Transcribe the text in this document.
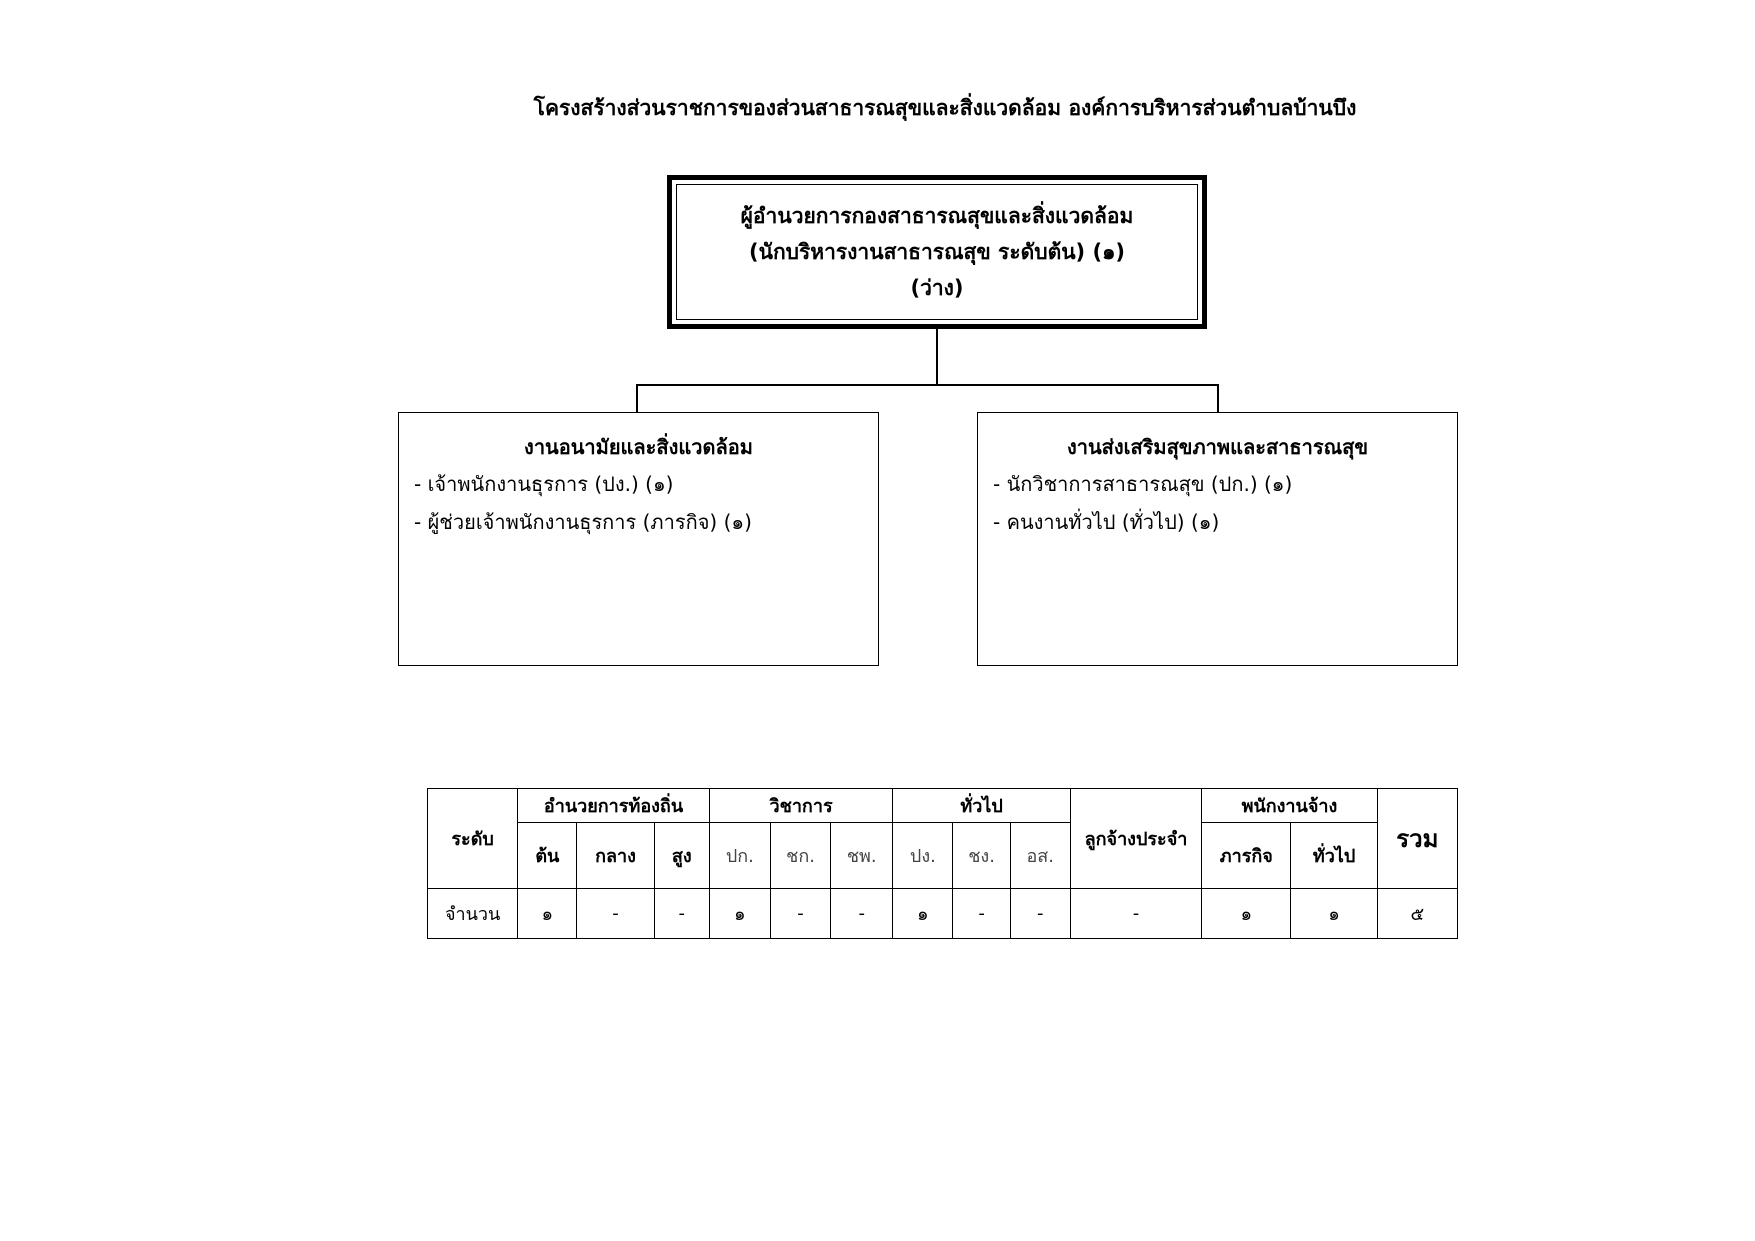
โครงสร้างส่วนราชการของส่วนสาธารณสุขและสิ่งแวดล้อม องค์การบริหารส่วนตำบลบ้านบึง
ผู้อำนวยการกองสาธารณสุขและสิ่งแวดล้อม
(นักบริหารงานสาธารณสุข ระดับต้น) (๑)
(ว่าง)
งานอนามัยและสิ่งแวดล้อม
- เจ้าพนักงานธุรการ (ปง.) (๑)
- ผู้ช่วยเจ้าพนักงานธุรการ (ภารกิจ) (๑)
งานส่งเสริมสุขภาพและสาธารณสุข
- นักวิชาการสาธารณสุข (ปก.) (๑)
- คนงานทั่วไป (ทั่วไป) (๑)
ระดับ	อำนวยการท้องถิ่น			วิชาการ			ทั่วไป			ลูกจ้างประจำ	พนักงานจ้าง		รวม
	ต้น	กลาง	สูง	ปก.	ชก.	ชพ.	ปง.	ชง.	อส.		ภารกิจ	ทั่วไป	
จำนวน	๑	-	-	๑	-	-	๑	-	-	-	๑	๑	๕
